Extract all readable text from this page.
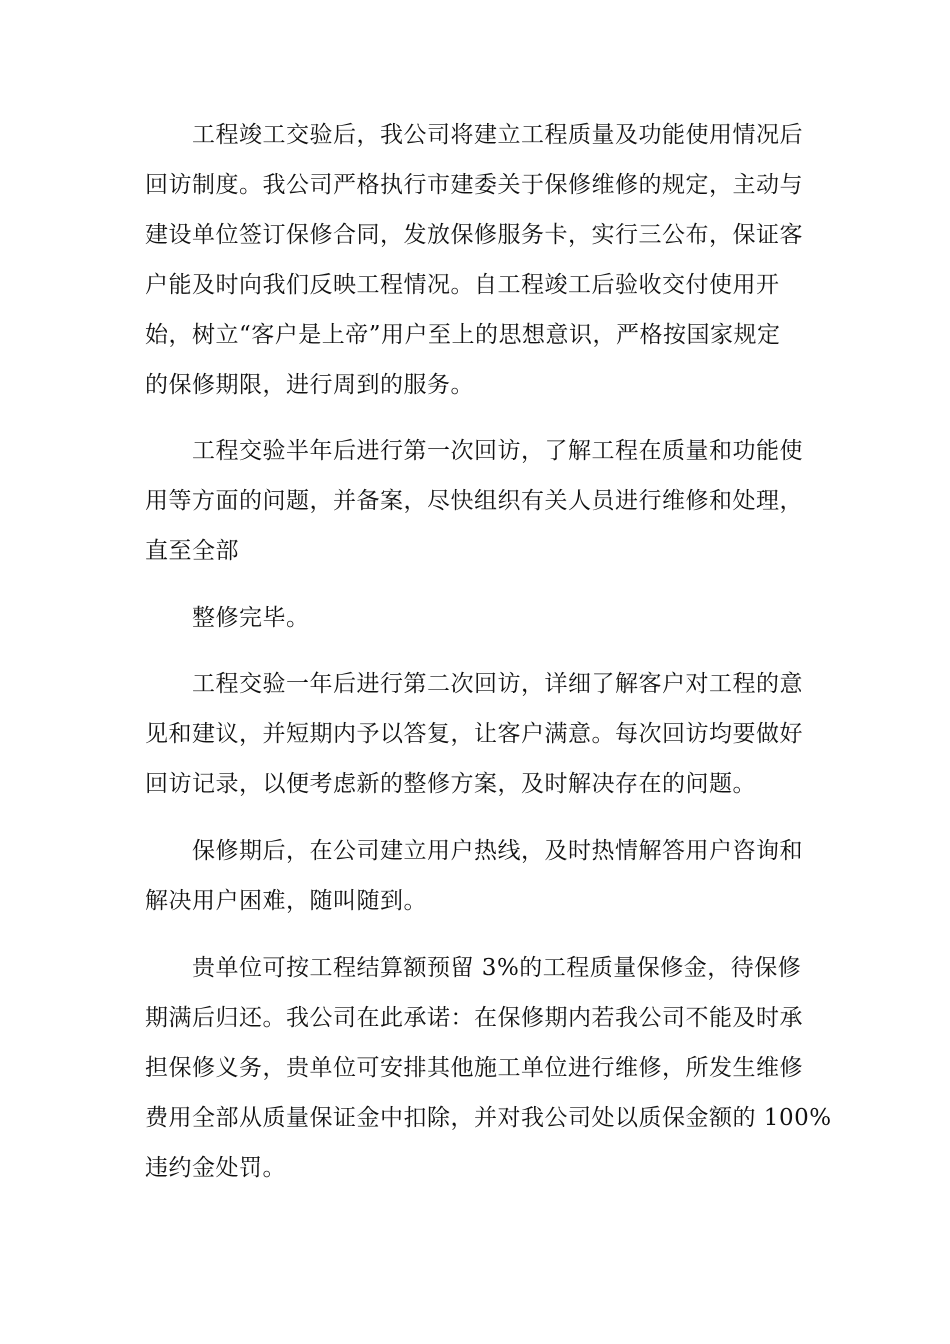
工程竣工交验后，我公司将建立工程质量及功能使用情况后
回访制度。我公司严格执行市建委关于保修维修的规定，主动与
建设单位签订保修合同，发放保修服务卡，实行三公布，保证客
户能及时向我们反映工程情况。自工程竣工后验收交付使用开
始，树立“客户是上帝”用户至上的思想意识，严格按国家规定
的保修期限，进行周到的服务。
工程交验半年后进行第一次回访，了解工程在质量和功能使
用等方面的问题，并备案，尽快组织有关人员进行维修和处理，
直至全部
整修完毕。
工程交验一年后进行第二次回访，详细了解客户对工程的意
见和建议，并短期内予以答复，让客户满意。每次回访均要做好
回访记录，以便考虑新的整修方案，及时解决存在的问题。
保修期后，在公司建立用户热线，及时热情解答用户咨询和
解决用户困难，随叫随到。
贵单位可按工程结算额预留 3%的工程质量保修金，待保修
期满后归还。我公司在此承诺：在保修期内若我公司不能及时承
担保修义务，贵单位可安排其他施工单位进行维修，所发生维修
费用全部从质量保证金中扣除，并对我公司处以质保金额的 100%
违约金处罚。
